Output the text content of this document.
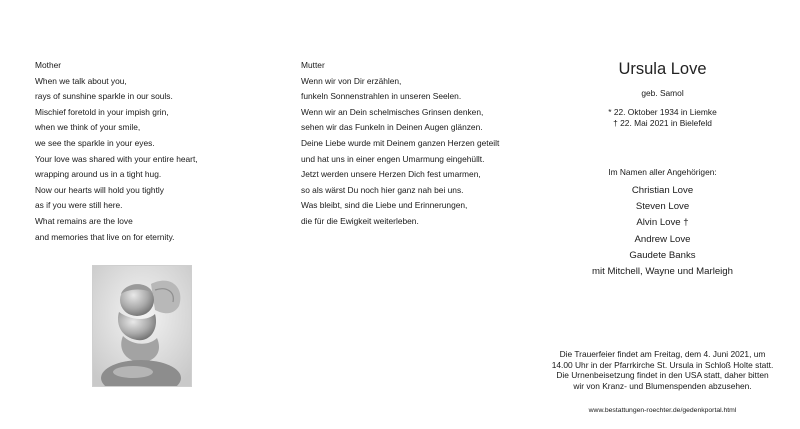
Mother
When we talk about you,
rays of sunshine sparkle in our souls.
Mischief foretold in your impish grin,
when we think of your smile,
we see the sparkle in your eyes.
Your love was shared with your entire heart,
wrapping around us in a tight hug.
Now our hearts will hold you tightly
as if you were still here.
What remains are the love
and memories that live on for eternity.
Mutter
Wenn wir von Dir erzählen,
funkeln Sonnenstrahlen in unseren Seelen.
Wenn wir an Dein schelmisches Grinsen denken,
sehen wir das Funkeln in Deinen Augen glänzen.
Deine Liebe wurde mit Deinem ganzen Herzen geteilt
und hat uns in einer engen Umarmung eingehüllt.
Jetzt werden unsere Herzen Dich fest umarmen,
so als wärst Du noch hier ganz nah bei uns.
Was bleibt, sind die Liebe und Erinnerungen,
die für die Ewigkeit weiterleben.
Ursula Love
geb. Samol
* 22. Oktober 1934 in Liemke
† 22. Mai 2021 in Bielefeld
Im Namen aller Angehörigen:
Christian Love
Steven Love
Alvin Love †
Andrew Love
Gaudete Banks
mit Mitchell, Wayne und Marleigh
Die Trauerfeier findet am Freitag, dem 4. Juni 2021, um
14.00 Uhr in der Pfarrkirche St. Ursula in Schloß Holte statt.
Die Urnenbeisetzung findet in den USA statt, daher bitten
wir von Kranz- und Blumenspenden abzusehen.
www.bestattungen-roechter.de/gedenkportal.html
